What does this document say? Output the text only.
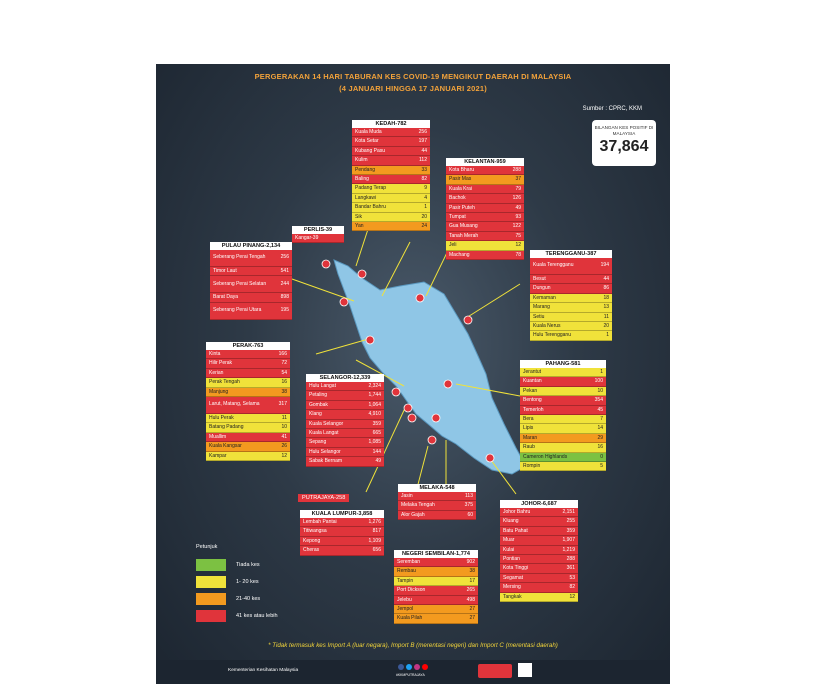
PERGERAKAN 14 HARI TABURAN KES COVID-19 MENGIKUT DAERAH DI MALAYSIA
(4 JANUARI HINGGA 17 JANUARI 2021)
Sumber : CPRC, KKM
BILANGAN KES POSITIF DI MALAYSIA
37,864
KEDAH-782
Kuala Muda	256
Kota Setar	197
Kubang Pasu	44
Kulim	112
Pendang	33
Baling	82
Padang Terap	9
Langkawi	4
Bandar Bahru	1
Sik	20
Yan	24
KELANTAN-959
Kota Bharu	288
Pasir Mas	37
Kuala Krai	79
Bachok	126
Pasir Puteh	49
Tumpat	93
Gua Musang	122
Tanah Merah	75
Jeli	12
Machang	78
PERLIS-39
Kangar-39
PULAU PINANG-2,134
Seberang Perai Tengah	256
Timor Laut	541
Seberang Perai Selatan	244
Barat Daya	898
Seberang Perai Utara	195
TERENGGANU-387
Kuala Terengganu	194
Besut	44
Dungun	86
Kemaman	18
Marang	13
Setiu	11
Kuala Nerus	20
Hulu Terengganu	1
PERAK-763
Kinta	166
Hilir Perak	72
Kerian	54
Perak Tengah	16
Manjung	38
Larut, Matang, Selama	317
Hulu Perak	11
Batang Padang	10
Muallim	41
Kuala Kangsar	26
Kampar	12
SELANGOR-12,339
Hulu Langat	2,324
Petaling	1,744
Gombak	1,064
Klang	4,910
Kuala Selangor	359
Kuala Langat	665
Sepang	1,085
Hulu Selangor	144
Sabak Bernam	49
PAHANG-581
Jerantut	1
Kuantan	100
Pekan	10
Bentong	354
Temerloh	45
Bera	7
Lipis	14
Maran	29
Raub	16
Cameron Highlands	0
Rompin	5
PUTRAJAYA-258
MELAKA-548
Jasin	113
Melaka Tengah	375
Alor Gajah	60
KUALA LUMPUR-3,858
Lembah Pantai	1,276
Titiwangsa	817
Kepong	1,109
Cheras	656
JOHOR-6,687
Johor Bahru	2,151
Kluang	255
Batu Pahat	359
Muar	1,907
Kulai	1,219
Pontian	288
Kota Tinggi	361
Segamat	53
Mersing	82
Tangkak	12
NEGERI SEMBILAN-1,774
Seremban	902
Rembau	38
Tampin	17
Port Dickson	265
Jelebu	498
Jempol	27
Kuala Pilah	27
Petunjuk
Tiada kes
1- 20 kes
21-40 kes
41 kes atau lebih
* Tidak termasuk kes Import A (luar negara), Import B (merentasi negeri) dan Import C (merentasi daerah)
Kementerian Kesihatan Malaysia
#KKMPUTRAJAYA
